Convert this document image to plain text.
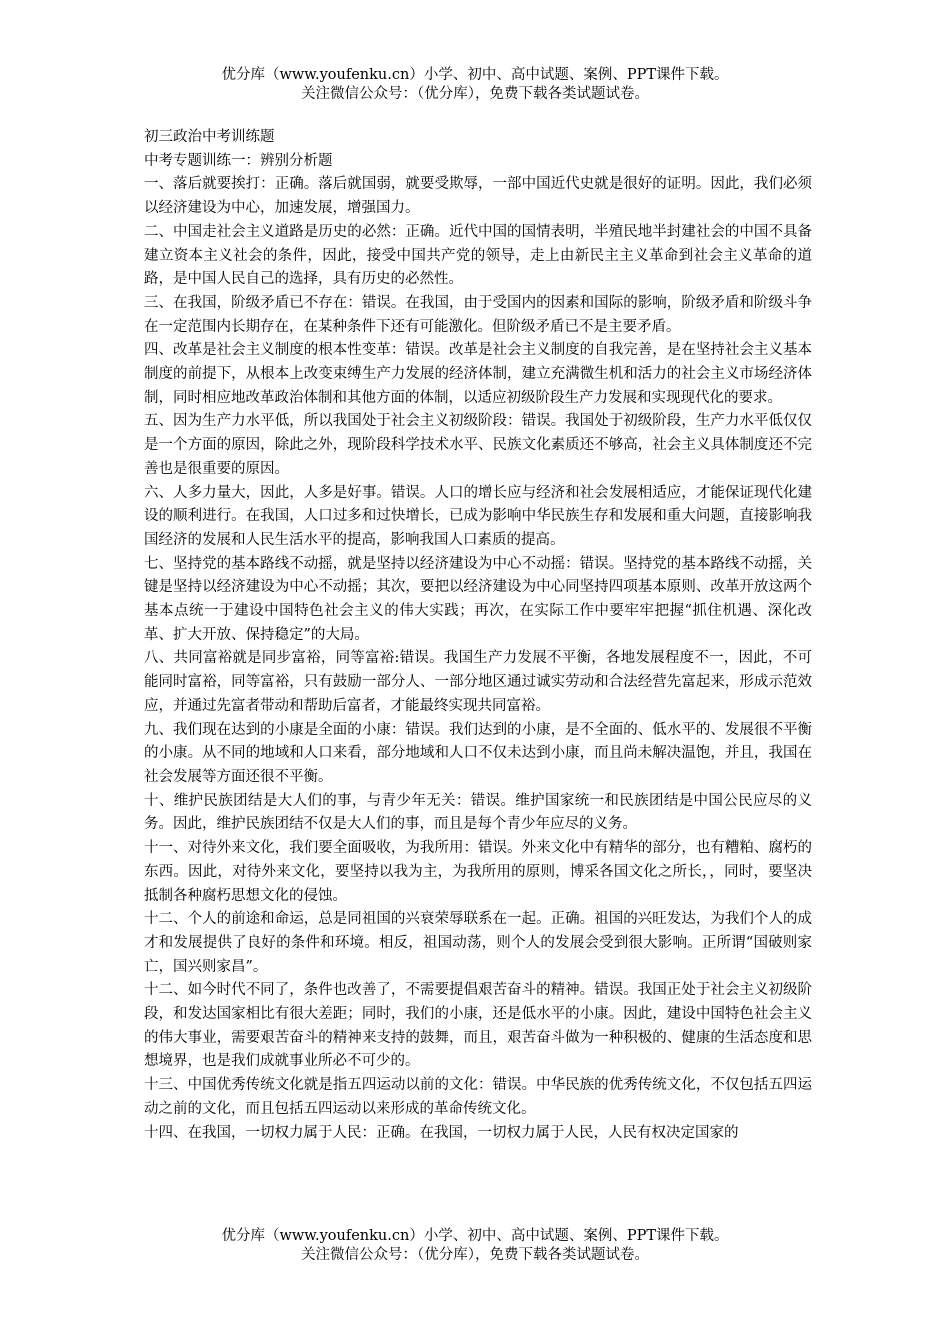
优分库（www.youfenku.cn）小学、初中、高中试题、案例、PPT课件下载。
关注微信公众号：（优分库），免费下载各类试题试卷。

初三政治中考训练题

中考专题训练一：辨别分析题

一、落后就要挨打：正确。落后就国弱，就要受欺辱，一部中国近代史就是很好的证明。因此，我们必须以经济建设为中心，加速发展，增强国力。

二、中国走社会主义道路是历史的必然：正确。近代中国的国情表明，半殖民地半封建社会的中国不具备建立资本主义社会的条件，因此，接受中国共产党的领导，走上由新民主主义革命到社会主义革命的道路，是中国人民自己的选择，具有历史的必然性。

三、在我国，阶级矛盾已不存在：错误。在我国，由于受国内的因素和国际的影响，阶级矛盾和阶级斗争在一定范围内长期存在，在某种条件下还有可能激化。但阶级矛盾已不是主要矛盾。

四、改革是社会主义制度的根本性变革：错误。改革是社会主义制度的自我完善，是在坚持社会主义基本制度的前提下，从根本上改变束缚生产力发展的经济体制，建立充满微生机和活力的社会主义市场经济体制，同时相应地改革政治体制和其他方面的体制，以适应初级阶段生产力发展和实现现代化的要求。

五、因为生产力水平低，所以我国处于社会主义初级阶段：错误。我国处于初级阶段，生产力水平低仅仅是一个方面的原因，除此之外，现阶段科学技术水平、民族文化素质还不够高，社会主义具体制度还不完善也是很重要的原因。

六、人多力量大，因此，人多是好事。错误。人口的增长应与经济和社会发展相适应，才能保证现代化建设的顺利进行。在我国，人口过多和过快增长，已成为影响中华民族生存和发展和重大问题，直接影响我国经济的发展和人民生活水平的提高，影响我国人口素质的提高。

七、坚持党的基本路线不动摇，就是坚持以经济建设为中心不动摇：错误。坚持党的基本路线不动摇，关键是坚持以经济建设为中心不动摇；其次，要把以经济建设为中心同坚持四项基本原则、改革开放这两个基本点统一于建设中国特色社会主义的伟大实践；再次，在实际工作中要牢牢把握“抓住机遇、深化改革、扩大开放、保持稳定”的大局。

八、共同富裕就是同步富裕，同等富裕:错误。我国生产力发展不平衡，各地发展程度不一，因此，不可能同时富裕，同等富裕，只有鼓励一部分人、一部分地区通过诚实劳动和合法经营先富起来，形成示范效应，并通过先富者带动和帮助后富者，才能最终实现共同富裕。

九、我们现在达到的小康是全面的小康：错误。我们达到的小康，是不全面的、低水平的、发展很不平衡的小康。从不同的地域和人口来看，部分地域和人口不仅未达到小康，而且尚未解决温饱，并且，我国在社会发展等方面还很不平衡。

十、维护民族团结是大人们的事，与青少年无关：错误。维护国家统一和民族团结是中国公民应尽的义务。因此，维护民族团结不仅是大人们的事，而且是每个青少年应尽的义务。

十一、对待外来文化，我们要全面吸收，为我所用：错误。外来文化中有精华的部分，也有糟粕、腐朽的东西。因此，对待外来文化，要坚持以我为主，为我所用的原则，博采各国文化之所长，，同时，要坚决抵制各种腐朽思想文化的侵蚀。

十二、个人的前途和命运，总是同祖国的兴衰荣辱联系在一起。正确。祖国的兴旺发达，为我们个人的成才和发展提供了良好的条件和环境。相反，祖国动荡，则个人的发展会受到很大影响。正所谓“国破则家亡，国兴则家昌”。

十二、如今时代不同了，条件也改善了，不需要提倡艰苦奋斗的精神。错误。我国正处于社会主义初级阶段，和发达国家相比有很大差距；同时，我们的小康，还是低水平的小康。因此，建设中国特色社会主义的伟大事业，需要艰苦奋斗的精神来支持的鼓舞，而且，艰苦奋斗做为一种积极的、健康的生活态度和思想境界，也是我们成就事业所必不可少的。

十三、中国优秀传统文化就是指五四运动以前的文化：错误。中华民族的优秀传统文化，不仅包括五四运动之前的文化，而且包括五四运动以来形成的革命传统文化。

十四、在我国，一切权力属于人民：正确。在我国，一切权力属于人民，人民有权决定国家的

优分库（www.youfenku.cn）小学、初中、高中试题、案例、PPT课件下载。
关注微信公众号：（优分库），免费下载各类试题试卷。
